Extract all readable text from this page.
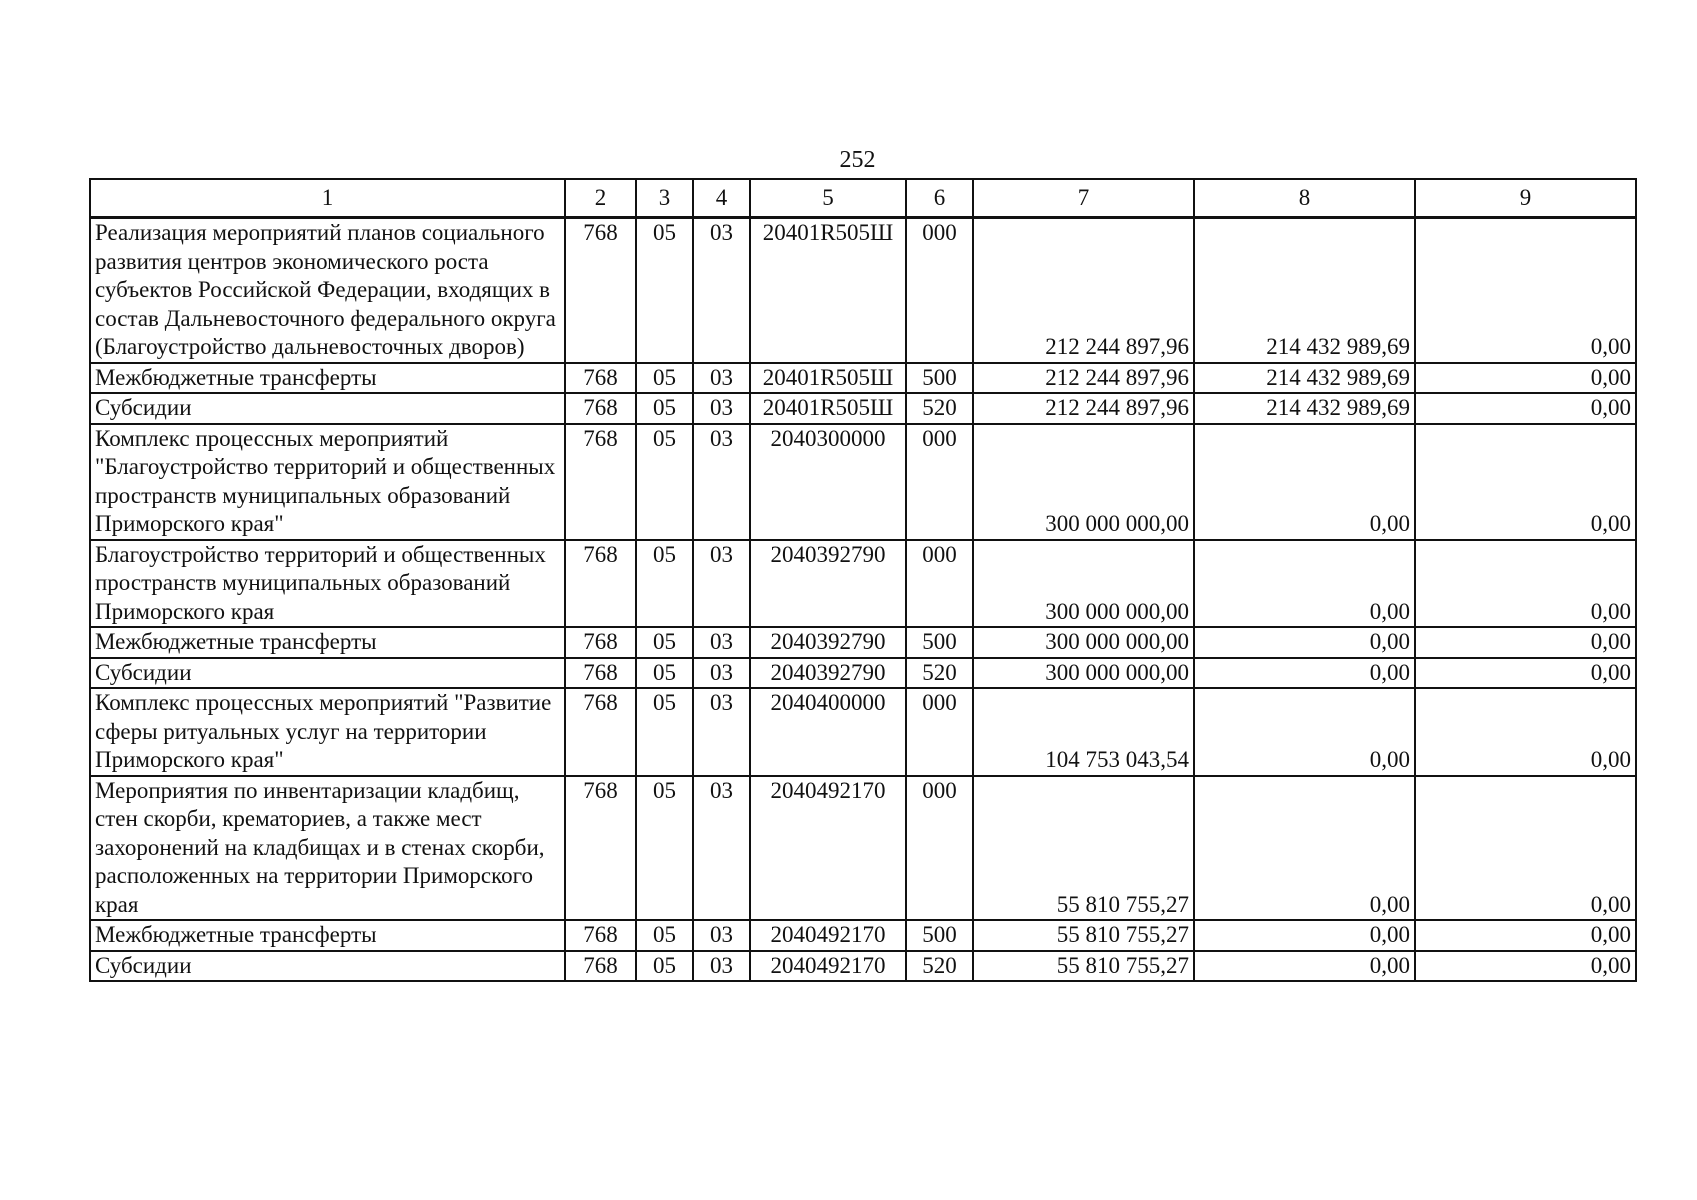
252
1	2	3	4	5	6	7	8	9
Реализация мероприятий планов социального развития центров экономического роста субъектов Российской Федерации, входящих в состав Дальневосточного федерального округа (Благоустройство дальневосточных дворов)	768	05	03	20401R505Ш	000	212 244 897,96	214 432 989,69	0,00
Межбюджетные трансферты	768	05	03	20401R505Ш	500	212 244 897,96	214 432 989,69	0,00
Субсидии	768	05	03	20401R505Ш	520	212 244 897,96	214 432 989,69	0,00
Комплекс процессных мероприятий "Благоустройство территорий и общественных пространств муниципальных образований Приморского края"	768	05	03	2040300000	000	300 000 000,00	0,00	0,00
Благоустройство территорий и общественных пространств муниципальных образований Приморского края	768	05	03	2040392790	000	300 000 000,00	0,00	0,00
Межбюджетные трансферты	768	05	03	2040392790	500	300 000 000,00	0,00	0,00
Субсидии	768	05	03	2040392790	520	300 000 000,00	0,00	0,00
Комплекс процессных мероприятий "Развитие сферы ритуальных услуг на территории Приморского края"	768	05	03	2040400000	000	104 753 043,54	0,00	0,00
Мероприятия по инвентаризации кладбищ, стен скорби, крематориев, а также мест захоронений на кладбищах и в стенах скорби, расположенных на территории Приморского края	768	05	03	2040492170	000	55 810 755,27	0,00	0,00
Межбюджетные трансферты	768	05	03	2040492170	500	55 810 755,27	0,00	0,00
Субсидии	768	05	03	2040492170	520	55 810 755,27	0,00	0,00
